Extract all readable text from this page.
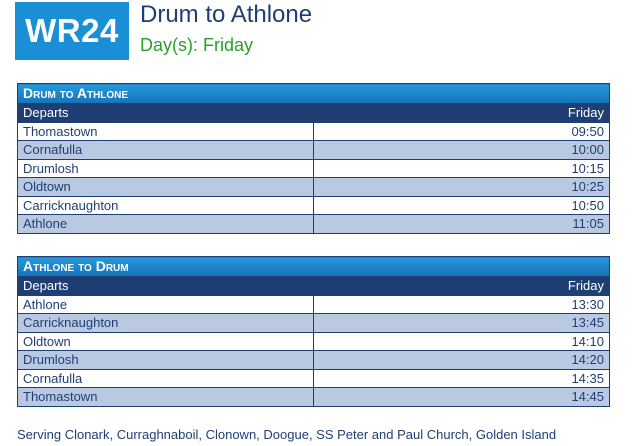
WR24 Drum to Athlone
Day(s): Friday
Drum to Athlone	
Departs	Friday
Thomastown	09:50
Cornafulla	10:00
Drumlosh	10:15
Oldtown	10:25
Carricknaughton	10:50
Athlone	11:05
Athlone to Drum	
Departs	Friday
Athlone	13:30
Carricknaughton	13:45
Oldtown	14:10
Drumlosh	14:20
Cornafulla	14:35
Thomastown	14:45
Serving Clonark, Curraghnaboil, Clonown, Doogue, SS Peter and Paul Church, Golden Island
